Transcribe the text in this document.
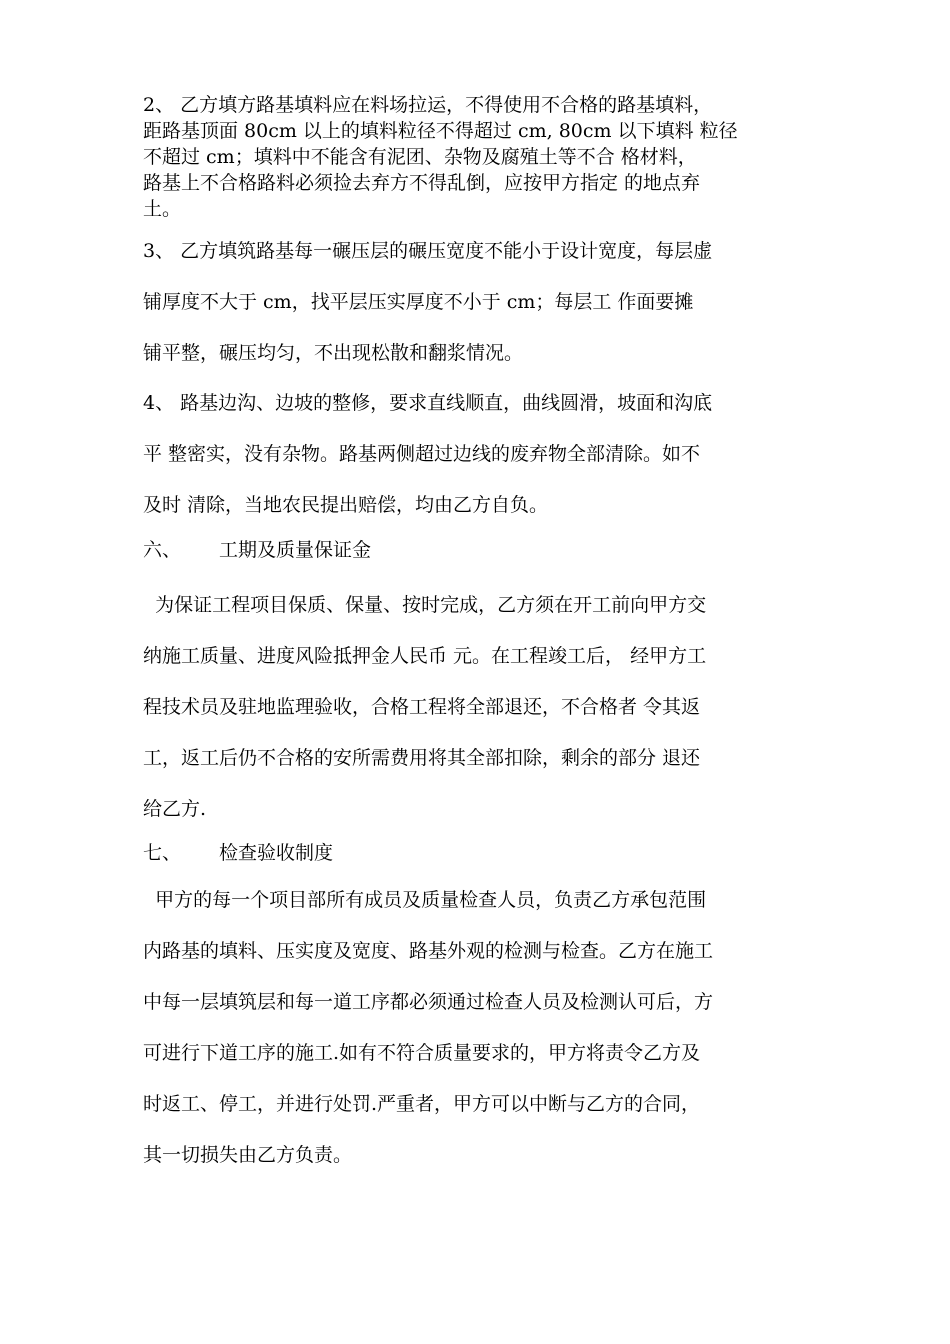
2、 乙方填方路基填料应在料场拉运，不得使用不合格的路基填料，
距路基顶面 80cm 以上的填料粒径不得超过 cm, 80cm 以下填料 粒径
不超过 cm；填料中不能含有泥团、杂物及腐殖土等不合 格材料，
路基上不合格路料必须捡去弃方不得乱倒，应按甲方指定 的地点弃
土。
3、 乙方填筑路基每一碾压层的碾压宽度不能小于设计宽度，每层虚
铺厚度不大于 cm，找平层压实厚度不小于 cm；每层工 作面要摊
铺平整，碾压均匀，不出现松散和翻浆情况。
4、 路基边沟、边坡的整修，要求直线顺直，曲线圆滑，坡面和沟底
平 整密实，没有杂物。路基两侧超过边线的废弃物全部清除。如不
及时 清除，当地农民提出赔偿，均由乙方自负。
六、 工期及质量保证金
为保证工程项目保质、保量、按时完成，乙方须在开工前向甲方交
纳施工质量、进度风险抵押金人民币 元。在工程竣工后， 经甲方工
程技术员及驻地监理验收，合格工程将全部退还，不合格者 令其返
工，返工后仍不合格的安所需费用将其全部扣除，剩余的部分 退还
给乙方.
七、 检查验收制度
甲方的每一个项目部所有成员及质量检查人员，负责乙方承包范围
内路基的填料、压实度及宽度、路基外观的检测与检查。乙方在施工
中每一层填筑层和每一道工序都必须通过检查人员及检测认可后，方
可进行下道工序的施工.如有不符合质量要求的，甲方将责令乙方及
时返工、停工，并进行处罚.严重者，甲方可以中断与乙方的合同，
其一切损失由乙方负责。
